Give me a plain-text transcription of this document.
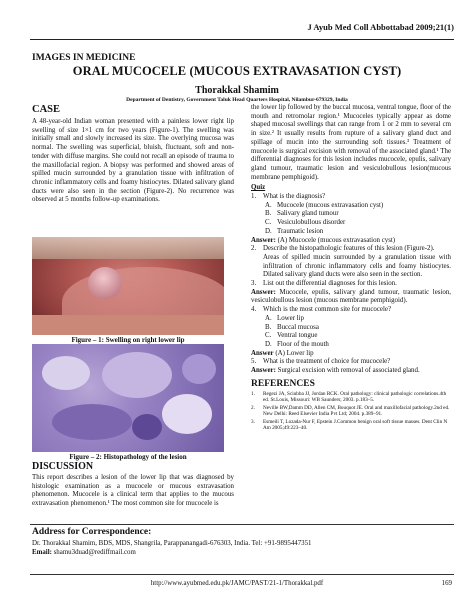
J Ayub Med Coll Abbottabad 2009;21(1)
IMAGES IN MEDICINE
ORAL MUCOCELE (MUCOUS EXTRAVASATION CYST)
Thorakkal Shamim
Department of Dentistry, Government Taluk Head Quarters Hospital, Nilambur-679329, India
CASE

A 48-year-old Indian woman presented with a painless lower right lip swelling of size 1×1 cm for two years (Figure-1). The swelling was initially small and slowly increased its size. The overlying mucosa was normal. The swelling was superficial, bluish, fluctuant, soft and non-tender with diffuse margins. She could not recall an episode of trauma to the maxillofacial region. A biopsy was performed and showed areas of spilled mucin surrounded by a granulation tissue with infiltration of chronic inflammatory cells and foamy histiocytes. Dilated salivary gland ducts were also seen in the section (Figure-2). No recurrence was observed at 5 months follow-up examinations.

Figure – 1: Swelling on right lower lip
Figure – 2: Histopathology of the lesion
DISCUSSION

This report describes a lesion of the lower lip that was diagnosed by histologic examination as a mucocele or mucous extravasation phenomenon. Mucocele is a clinical term that applies to the mucous extravasation phenomenon.¹ The most common site for mucocele is

the lower lip followed by the buccal mucosa, ventral tongue, floor of the mouth and retromolar region.¹ Mucoceles typically appear as dome shaped mucosal swellings that can range from 1 or 2 mm to several cm in size.² It usually results from rupture of a salivary gland duct and spillage of mucin into the surrounding soft tissues.³ Treatment of mucocele is surgical excision with removal of the associated gland.¹ The differential diagnoses for this lesion includes mucocele, epulis, salivary gland tumour, traumatic lesion and vesiculobullous lesion(mucous membrane pemphigoid).

Quiz
1. What is the diagnosis?
A. Mucocele (mucous extravasation cyst)
B. Salivary gland tumour
C. Vesiculobullous disorder
D. Traumatic lesion
Answer: (A) Mucocele (mucous extravasation cyst)
2. Describe the histopathologic features of this lesion (Figure-2).
Areas of spilled mucin surrounded by a granulation tissue with infiltration of chronic inflammatory cells and foamy histiocytes. Dilated salivary gland ducts were also seen in the section.
3. List out the differential diagnoses for this lesion.
Answer: Mucocele, epulis, salivary gland tumour, traumatic lesion, vesiculobullous lesion (mucous membrane pemphigoid).
4. Which is the most common site for mucocele?
A. Lower lip
B. Buccal mucosa
C. Ventral tongue
D. Floor of the mouth
Answer (A) Lower lip
5. What is the treatment of choice for mucocele?
Answer: Surgical excision with removal of associated gland.
REFERENCES
1.	Regezi JA, Sciubba JJ, Jordan RCK. Oral pathology: clinical pathologic correlations.4th ed. St.Louis, Missouri: WB Saunders; 2003. p.183–5.
2.	Neville BW,Damm DD, Allen CM, Bouquot JE. Oral and maxillofacial pathology.2nd ed. New Delhi: Reed Elsevier India Pvt Ltd; 2004. p.389–91.
3.	Esmeili T, Lozada-Nur F, Epstein J.Common benign oral soft tissue masses. Dent Clin N Am 2005;49:223–40.
Address for Correspondence:
Dr. Thorakkal Shamim, BDS, MDS, Shangrila, Parappanangadi-676303, India. Tel: +91-9895447351
Email: shamu3duad@rediffmail.com
http://www.ayubmed.edu.pk/JAMC/PAST/21-1/Thorakkal.pdf	169
